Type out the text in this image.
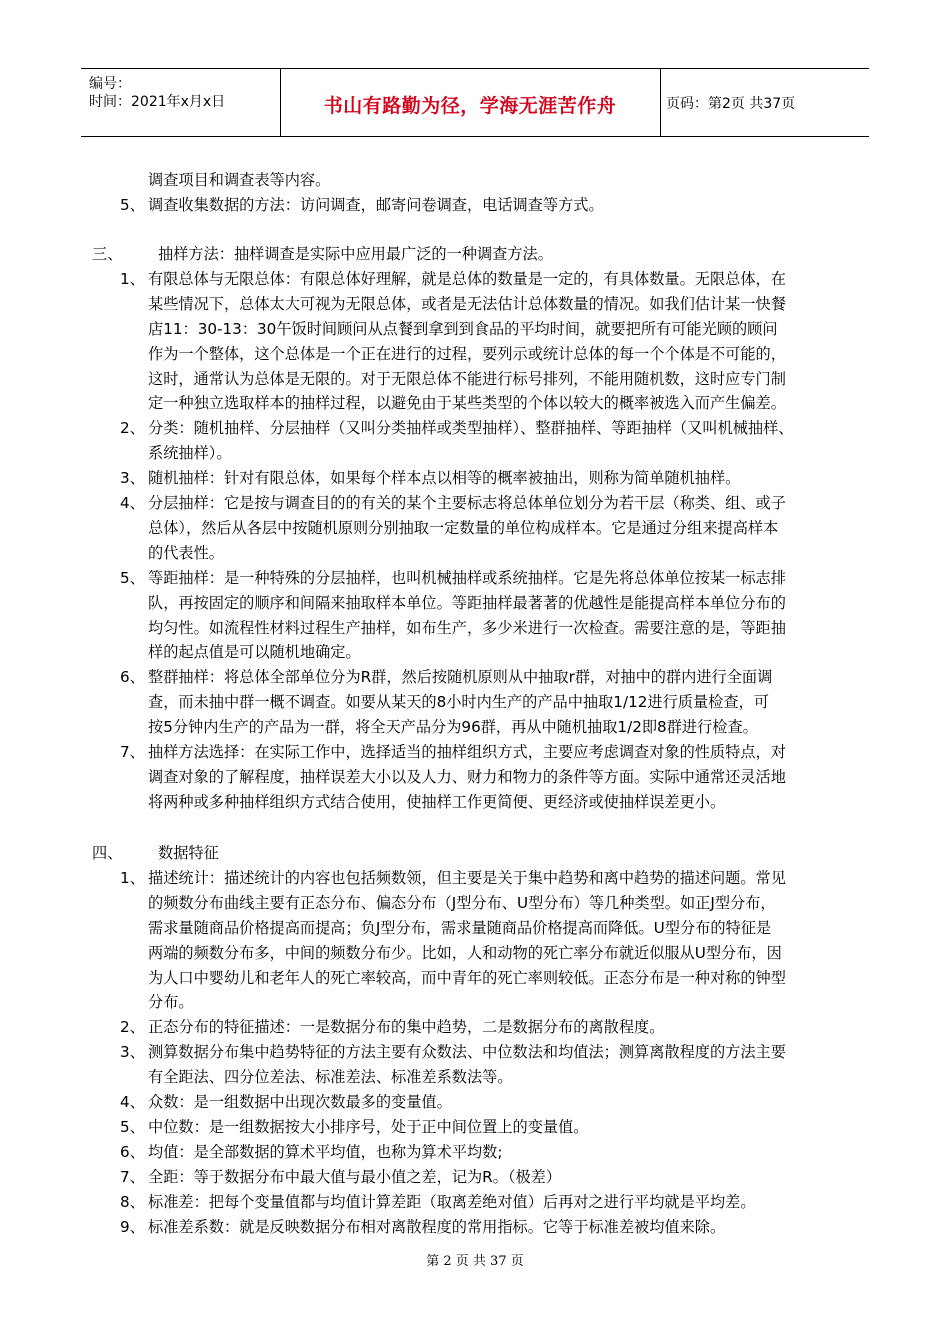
编号：
时间：2021年x月x日	书山有路勤为径，学海无涯苦作舟	页码：第2页 共37页
调查项目和调查表等内容。
5、 调查收集数据的方法：访问调查，邮寄问卷调查，电话调查等方式。
三、 抽样方法：抽样调查是实际中应用最广泛的一种调查方法。
1、 有限总体与无限总体：有限总体好理解，就是总体的数量是一定的，有具体数量。无限总体，在
某些情况下，总体太大可视为无限总体，或者是无法估计总体数量的情况。如我们估计某一快餐
店11：30-13：30午饭时间顾问从点餐到拿到到食品的平均时间，就要把所有可能光顾的顾问
作为一个整体，这个总体是一个正在进行的过程，要列示或统计总体的每一个个体是不可能的，
这时，通常认为总体是无限的。对于无限总体不能进行标号排列，不能用随机数，这时应专门制
定一种独立选取样本的抽样过程，以避免由于某些类型的个体以较大的概率被选入而产生偏差。
2、 分类：随机抽样、分层抽样（又叫分类抽样或类型抽样）、整群抽样、等距抽样（又叫机械抽样、
系统抽样）。
3、 随机抽样：针对有限总体，如果每个样本点以相等的概率被抽出，则称为简单随机抽样。
4、 分层抽样：它是按与调查目的的有关的某个主要标志将总体单位划分为若干层（称类、组、或子
总体），然后从各层中按随机原则分别抽取一定数量的单位构成样本。它是通过分组来提高样本
的代表性。
5、 等距抽样：是一种特殊的分层抽样，也叫机械抽样或系统抽样。它是先将总体单位按某一标志排
队，再按固定的顺序和间隔来抽取样本单位。等距抽样最著著的优越性是能提高样本单位分布的
均匀性。如流程性材料过程生产抽样，如布生产，多少米进行一次检查。需要注意的是，等距抽
样的起点值是可以随机地确定。
6、 整群抽样：将总体全部单位分为R群，然后按随机原则从中抽取r群，对抽中的群内进行全面调
查，而未抽中群一概不调查。如要从某天的8小时内生产的产品中抽取1/12进行质量检查，可
按5分钟内生产的产品为一群，将全天产品分为96群，再从中随机抽取1/2即8群进行检查。
7、 抽样方法选择：在实际工作中，选择适当的抽样组织方式，主要应考虑调查对象的性质特点，对
调查对象的了解程度，抽样误差大小以及人力、财力和物力的条件等方面。实际中通常还灵活地
将两种或多种抽样组织方式结合使用，使抽样工作更简便、更经济或使抽样误差更小。
四、 数据特征
1、 描述统计：描述统计的内容也包括频数领，但主要是关于集中趋势和离中趋势的描述问题。常见
的频数分布曲线主要有正态分布、偏态分布（J型分布、U型分布）等几种类型。如正J型分布，
需求量随商品价格提高而提高；负J型分布，需求量随商品价格提高而降低。U型分布的特征是
两端的频数分布多，中间的频数分布少。比如，人和动物的死亡率分布就近似服从U型分布，因
为人口中婴幼儿和老年人的死亡率较高，而中青年的死亡率则较低。正态分布是一种对称的钟型
分布。
2、 正态分布的特征描述：一是数据分布的集中趋势，二是数据分布的离散程度。
3、 测算数据分布集中趋势特征的方法主要有众数法、中位数法和均值法；测算离散程度的方法主要
有全距法、四分位差法、标准差法、标准差系数法等。
4、 众数：是一组数据中出现次数最多的变量值。
5、 中位数：是一组数据按大小排序号，处于正中间位置上的变量值。
6、 均值：是全部数据的算术平均值，也称为算术平均数;
7、 全距：等于数据分布中最大值与最小值之差，记为R。（极差）
8、 标准差：把每个变量值都与均值计算差距（取离差绝对值）后再对之进行平均就是平均差。
9、 标准差系数：就是反映数据分布相对离散程度的常用指标。它等于标准差被均值来除。
第 2 页 共 37 页
